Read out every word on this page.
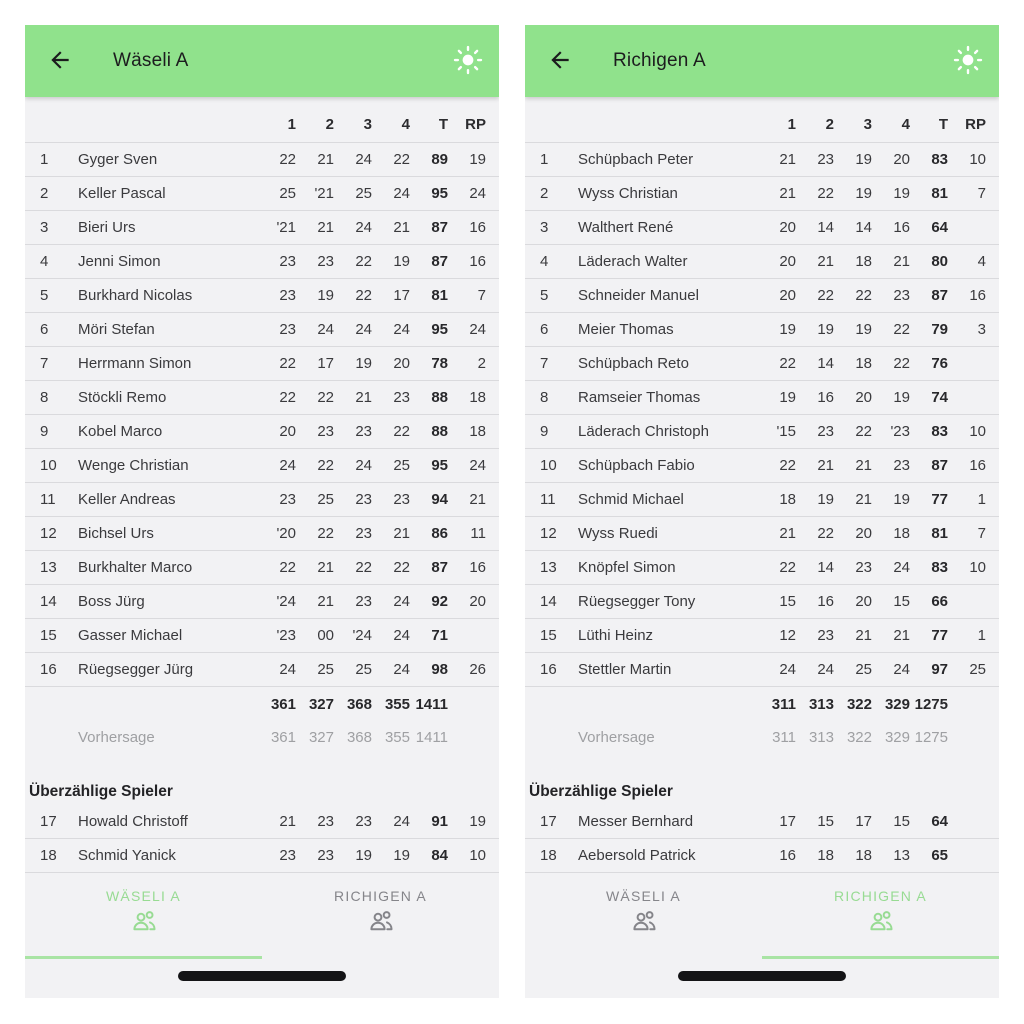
Wäseli A
1	2	3	4	T	RP
1	Gyger Sven	22	21	24	22	89	19
2	Keller Pascal	25	'21	25	24	95	24
3	Bieri Urs	'21	21	24	21	87	16
4	Jenni Simon	23	23	22	19	87	16
5	Burkhard Nicolas	23	19	22	17	81	7
6	Möri Stefan	23	24	24	24	95	24
7	Herrmann Simon	22	17	19	20	78	2
8	Stöckli Remo	22	22	21	23	88	18
9	Kobel Marco	20	23	23	22	88	18
10	Wenge Christian	24	22	24	25	95	24
11	Keller Andreas	23	25	23	23	94	21
12	Bichsel Urs	'20	22	23	21	86	11
13	Burkhalter Marco	22	21	22	22	87	16
14	Boss Jürg	'24	21	23	24	92	20
15	Gasser Michael	'23	00	'24	24	71
16	Rüegsegger Jürg	24	25	25	24	98	26
361 327 368 355 1411
Vorhersage	361 327 368 355 1411
Überzählige Spieler
17	Howald Christoff	21	23	23	24	91	19
18	Schmid Yanick	23	23	19	19	84	10
WÄSELI A	RICHIGEN A
Richigen A
1	2	3	4	T	RP
1	Schüpbach Peter	21	23	19	20	83	10
2	Wyss Christian	21	22	19	19	81	7
3	Walthert René	20	14	14	16	64
4	Läderach Walter	20	21	18	21	80	4
5	Schneider Manuel	20	22	22	23	87	16
6	Meier Thomas	19	19	19	22	79	3
7	Schüpbach Reto	22	14	18	22	76
8	Ramseier Thomas	19	16	20	19	74
9	Läderach Christoph	'15	23	22	'23	83	10
10	Schüpbach Fabio	22	21	21	23	87	16
11	Schmid Michael	18	19	21	19	77	1
12	Wyss Ruedi	21	22	20	18	81	7
13	Knöpfel Simon	22	14	23	24	83	10
14	Rüegsegger Tony	15	16	20	15	66
15	Lüthi Heinz	12	23	21	21	77	1
16	Stettler Martin	24	24	25	24	97	25
311 313 322 329 1275
Vorhersage	311 313 322 329 1275
Überzählige Spieler
17	Messer Bernhard	17	15	17	15	64
18	Aebersold Patrick	16	18	18	13	65
WÄSELI A	RICHIGEN A
